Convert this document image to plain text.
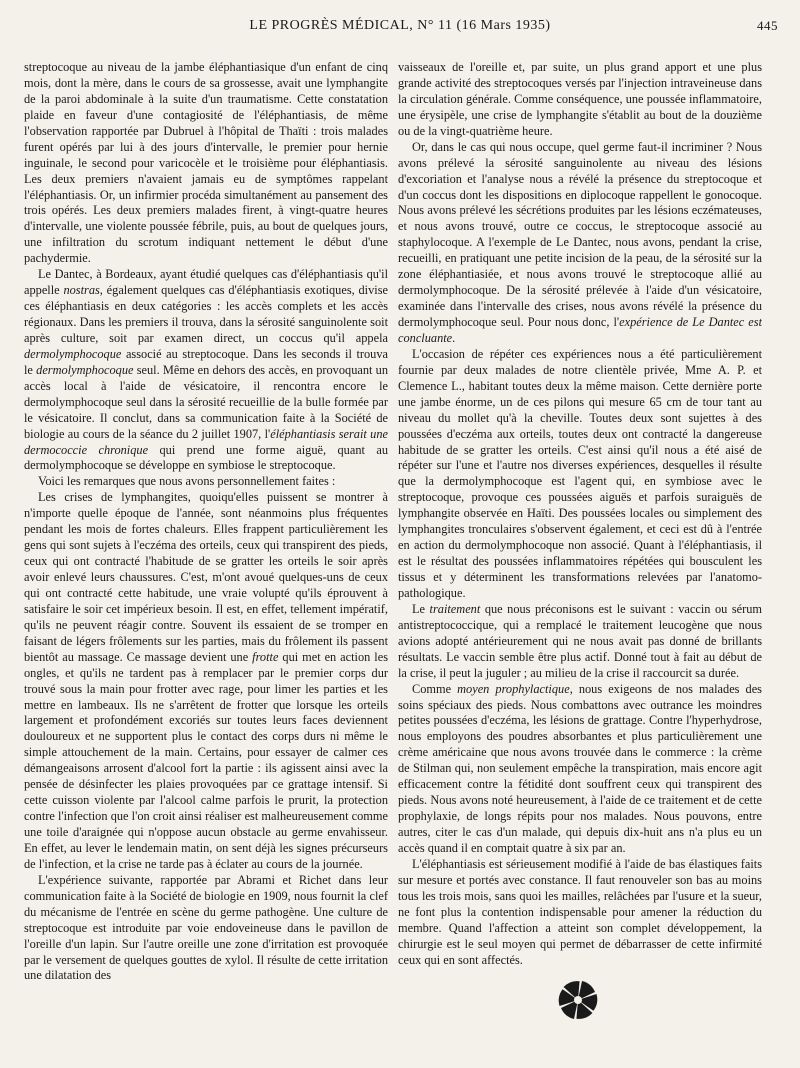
LE PROGRÈS MÉDICAL, N° 11 (16 Mars 1935)	445

streptocoque au niveau de la jambe éléphantiasique d'un enfant de cinq mois, dont la mère, dans le cours de sa grossesse, avait une lymphangite de la paroi abdominale à la suite d'un traumatisme. Cette constatation plaide en faveur d'une contagiosité de l'éléphantiasis, de même l'observation rapportée par Dubruel à l'hôpital de Thaïti : trois malades furent opérés par lui à des jours d'intervalle, le premier pour hernie inguinale, le second pour varicocèle et le troisième pour éléphantiasis. Les deux premiers n'avaient jamais eu de symptômes rappelant l'éléphantiasis. Or, un infirmier procéda simultanément au pansement des trois opérés. Les deux premiers malades firent, à vingt-quatre heures d'intervalle, une violente poussée fébrile, puis, au bout de quelques jours, une infiltration du scrotum indiquant nettement le début d'une pachydermie.

Le Dantec, à Bordeaux, ayant étudié quelques cas d'éléphantiasis qu'il appelle nostras, également quelques cas d'éléphantiasis exotiques, divise ces éléphantiasis en deux catégories : les accès complets et les accès régionaux. Dans les premiers il trouva, dans la sérosité sanguinolente soit après culture, soit par examen direct, un coccus qu'il appela dermolymphocoque associé au streptocoque. Dans les seconds il trouva le dermolymphocoque seul. Même en dehors des accès, en provoquant un accès local à l'aide de vésicatoire, il rencontra encore le dermolymphocoque seul dans la sérosité recueillie de la bulle formée par le vésicatoire. Il conclut, dans sa communication faite à la Société de biologie au cours de la séance du 2 juillet 1907, l'éléphantiasis serait une dermococcie chronique qui prend une forme aiguë, quant au dermolymphocoque se développe en symbiose le streptocoque.

Voici les remarques que nous avons personnellement faites :

Les crises de lymphangites, quoiqu'elles puissent se montrer à n'importe quelle époque de l'année, sont néanmoins plus fréquentes pendant les mois de fortes chaleurs. Elles frappent particulièrement les gens qui sont sujets à l'eczéma des orteils, ceux qui transpirent des pieds, ceux qui ont contracté l'habitude de se gratter les orteils le soir après avoir enlevé leurs chaussures. C'est, m'ont avoué quelques-uns de ceux qui ont contracté cette habitude, une vraie volupté qu'ils éprouvent à satisfaire le soir cet impérieux besoin. Il est, en effet, tellement impératif, qu'ils ne peuvent réagir contre. Souvent ils essaient de se tromper en faisant de légers frôlements sur les parties, mais du frôlement ils passent bientôt au massage. Ce massage devient une frotte qui met en action les ongles, et qu'ils ne tardent pas à remplacer par le premier corps dur trouvé sous la main pour frotter avec rage, pour limer les parties et les mettre en lambeaux. Ils ne s'arrêtent de frotter que lorsque les orteils largement et profondément excoriés sur toutes leurs faces deviennent douloureux et ne supportent plus le contact des corps durs ni même le simple attouchement de la main. Certains, pour essayer de calmer ces démangeaisons arrosent d'alcool fort la partie : ils agissent ainsi avec la pensée de désinfecter les plaies provoquées par ce grattage intensif. Si cette cuisson violente par l'alcool calme parfois le prurit, la protection contre l'infection que l'on croit ainsi réaliser est malheureusement comme une toile d'araignée qui n'oppose aucun obstacle au germe envahisseur. En effet, au lever le lendemain matin, on sent déjà les signes précurseurs de l'infection, et la crise ne tarde pas à éclater au cours de la journée.

L'expérience suivante, rapportée par Abrami et Richet dans leur communication faite à la Société de biologie en 1909, nous fournit la clef du mécanisme de l'entrée en scène du germe pathogène. Une culture de streptocoque est introduite par voie endoveineuse dans le pavillon de l'oreille d'un lapin. Sur l'autre oreille une zone d'irritation est provoquée par le versement de quelques gouttes de xylol. Il résulte de cette irritation une dilatation des

vaisseaux de l'oreille et, par suite, un plus grand apport et une plus grande activité des streptocoques versés par l'injection intraveineuse dans la circulation générale. Comme conséquence, une poussée inflammatoire, une érysipèle, une crise de lymphangite s'établit au bout de la douzième ou de la vingt-quatrième heure.

Or, dans le cas qui nous occupe, quel germe faut-il incriminer ? Nous avons prélevé la sérosité sanguinolente au niveau des lésions d'excoriation et l'analyse nous a révélé la présence du streptocoque et d'un coccus dont les dispositions en diplocoque rappellent le gonocoque. Nous avons prélevé les sécrétions produites par les lésions eczémateuses, et nous avons trouvé, outre ce coccus, le streptocoque associé au staphylocoque. A l'exemple de Le Dantec, nous avons, pendant la crise, recueilli, en pratiquant une petite incision de la peau, de la sérosité sur la zone éléphantiasiée, et nous avons trouvé le streptocoque allié au dermolymphocoque. De la sérosité prélevée à l'aide d'un vésicatoire, examinée dans l'intervalle des crises, nous avons révélé la présence du dermolymphocoque seul. Pour nous donc, l'expérience de Le Dantec est concluante.

L'occasion de répéter ces expériences nous a été particulièrement fournie par deux malades de notre clientèle privée, Mme A. P. et Clemence L., habitant toutes deux la même maison. Cette dernière porte une jambe énorme, un de ces pilons qui mesure 65 cm de tour tant au niveau du mollet qu'à la cheville. Toutes deux sont sujettes à des poussées d'eczéma aux orteils, toutes deux ont contracté la dangereuse habitude de se gratter les orteils. C'est ainsi qu'il nous a été aisé de répéter sur l'une et l'autre nos diverses expériences, desquelles il résulte que la dermolymphocoque est l'agent qui, en symbiose avec le streptocoque, provoque ces poussées aiguës et parfois suraiguës de lymphangite observée en Haïti. Des poussées locales ou simplement des lymphangites tronculaires s'observent également, et ceci est dû à l'entrée en action du dermolymphocoque non associé. Quant à l'éléphantiasis, il est le résultat des poussées inflammatoires répétées qui bousculent les tissus et y déterminent les transformations relevées par l'anatomo-pathologique.

Le traitement que nous préconisons est le suivant : vaccin ou sérum antistreptococcique, qui a remplacé le traitement leucogène que nous avions adopté antérieurement qui ne nous avait pas donné de brillants résultats. Le vaccin semble être plus actif. Donné tout à fait au début de la crise, il peut la juguler ; au milieu de la crise il raccourcit sa durée.

Comme moyen prophylactique, nous exigeons de nos malades des soins spéciaux des pieds. Nous combattons avec outrance les moindres petites poussées d'eczéma, les lésions de grattage. Contre l'hyperhydrose, nous employons des poudres absorbantes et plus particulièrement une crème américaine que nous avons trouvée dans le commerce : la crème de Stilman qui, non seulement empêche la transpiration, mais encore agit efficacement contre la fétidité dont souffrent ceux qui transpirent des pieds. Nous avons noté heureusement, à l'aide de ce traitement et de cette prophylaxie, de longs répits pour nos malades. Nous pouvons, entre autres, citer le cas d'un malade, qui depuis dix-huit ans n'a plus eu un accès quand il en comptait quatre à six par an.

L'éléphantiasis est sérieusement modifié à l'aide de bas élastiques faits sur mesure et portés avec constance. Il faut renouveler son bas au moins tous les trois mois, sans quoi les mailles, relâchées par l'usure et la sueur, ne font plus la contention indispensable pour amener la réduction du membre. Quand l'affection a atteint son complet développement, la chirurgie est le seul moyen qui permet de débarrasser de cette infirmité ceux qui en sont affectés.
